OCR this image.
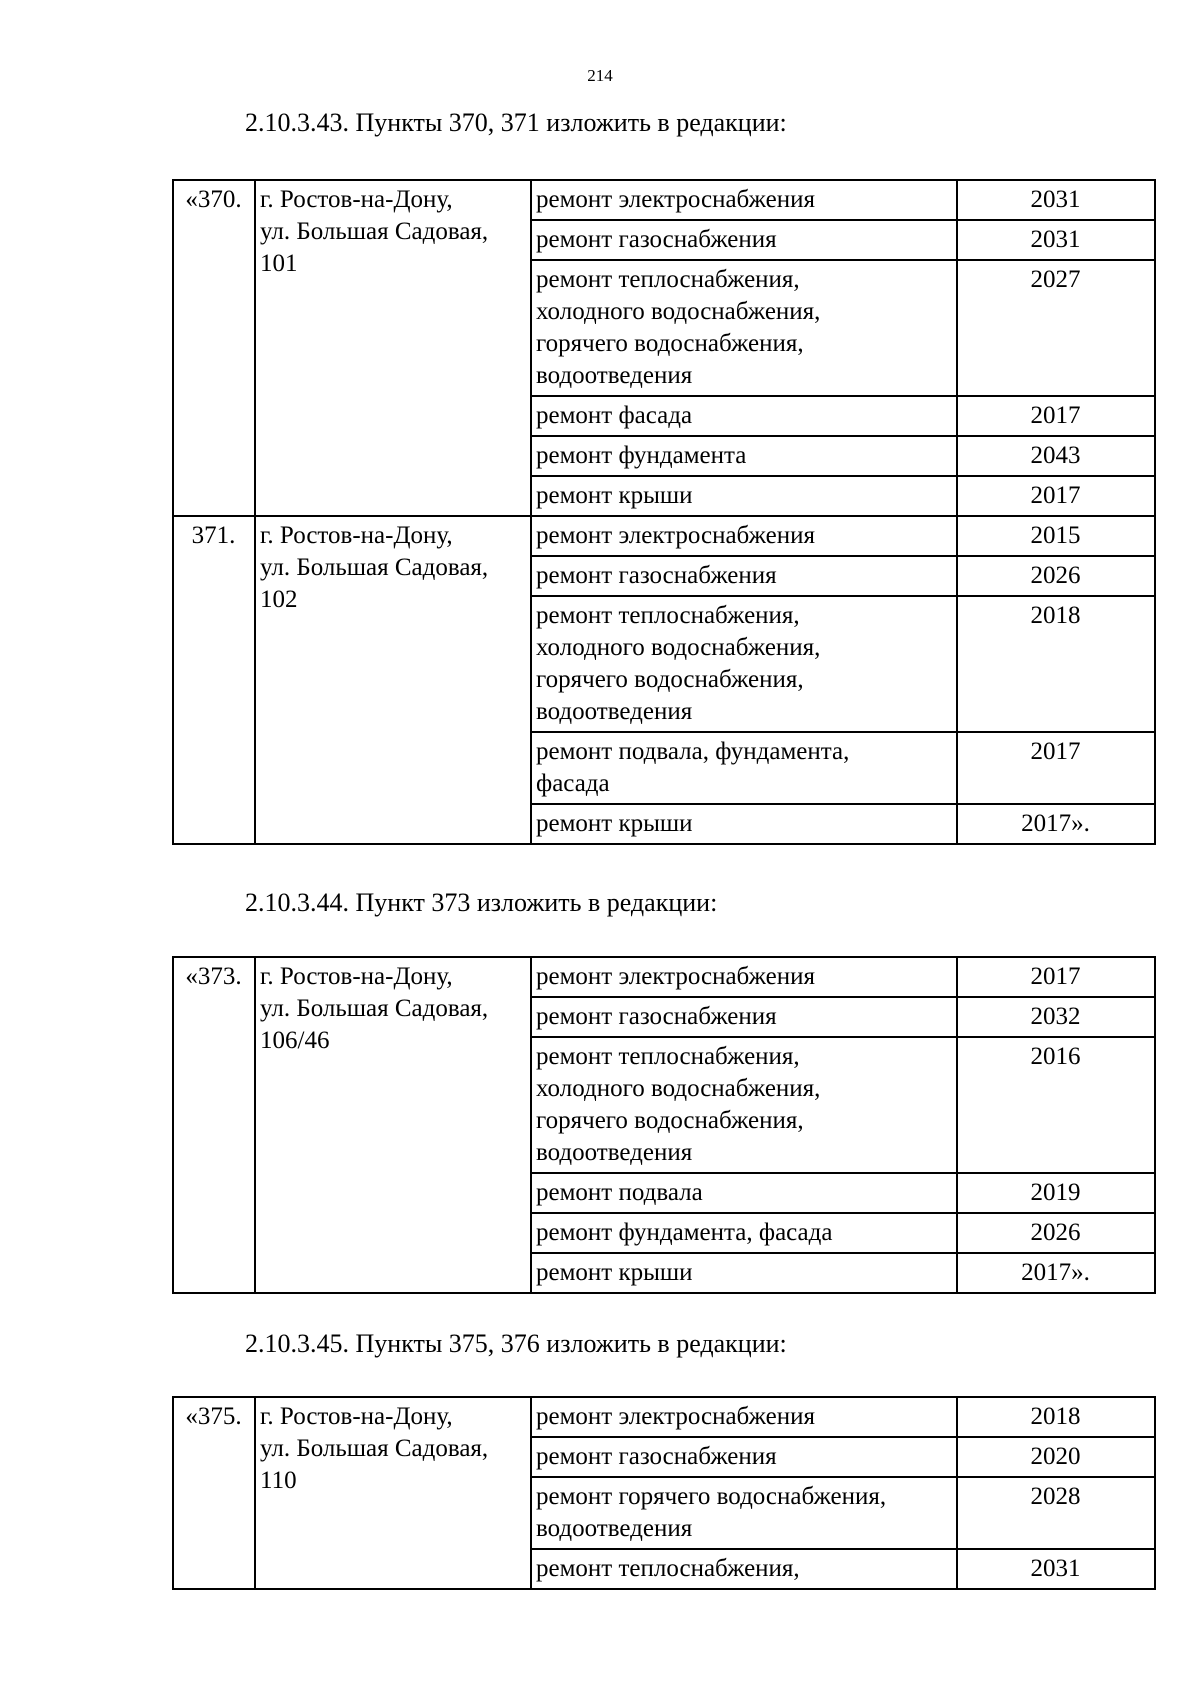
214
2.10.3.43. Пункты 370, 371 изложить в редакции:
«370.	г. Ростов-на-Дону,
ул. Большая Садовая,
101	ремонт электроснабжения	2031
		ремонт газоснабжения	2031
		ремонт теплоснабжения,
холодного водоснабжения,
горячего водоснабжения,
водоотведения	2027
		ремонт фасада	2017
		ремонт фундамента	2043
		ремонт крыши	2017
371.	г. Ростов-на-Дону,
ул. Большая Садовая,
102	ремонт электроснабжения	2015
		ремонт газоснабжения	2026
		ремонт теплоснабжения,
холодного водоснабжения,
горячего водоснабжения,
водоотведения	2018
		ремонт подвала, фундамента,
фасада	2017
		ремонт крыши	2017».
2.10.3.44. Пункт 373 изложить в редакции:
«373.	г. Ростов-на-Дону,
ул. Большая Садовая,
106/46	ремонт электроснабжения	2017
		ремонт газоснабжения	2032
		ремонт теплоснабжения,
холодного водоснабжения,
горячего водоснабжения,
водоотведения	2016
		ремонт подвала	2019
		ремонт фундамента, фасада	2026
		ремонт крыши	2017».
2.10.3.45. Пункты 375, 376 изложить в редакции:
«375.	г. Ростов-на-Дону,
ул. Большая Садовая,
110	ремонт электроснабжения	2018
		ремонт газоснабжения	2020
		ремонт горячего водоснабжения,
водоотведения	2028
		ремонт теплоснабжения,	2031
